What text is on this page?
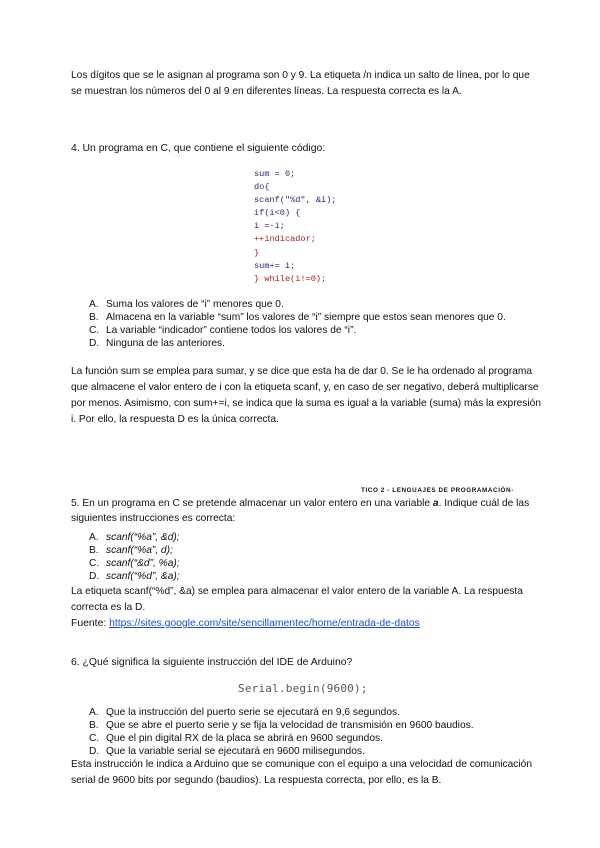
Los dígitos que se le asignan al programa son 0 y 9. La etiqueta /n indica un salto de línea, por lo que se muestran los números del 0 al 9 en diferentes líneas. La respuesta correcta es la A.

4. Un programa en C, que contiene el siguiente código:

sum = 0;
do{
scanf("%d", &i);
if(i<0) {
i =-i;
++indicador;
}
sum+= i;
} while(i!=0);
A. Suma los valores de “i” menores que 0.
B. Almacena en la variable “sum” los valores de “i” siempre que estos sean menores que 0.
C. La variable “indicador” contiene todos los valores de “i”.
D. Ninguna de las anteriores.

La función sum se emplea para sumar, y se dice que esta ha de dar 0. Se le ha ordenado al programa que almacene el valor entero de i con la etiqueta scanf, y, en caso de ser negativo, deberá multiplicarse por menos. Asimismo, con sum+=i, se indica que la suma es igual a la variable (suma) más la expresión i. Por ello, la respuesta D es la única correcta.

TICO 2 - LENGUAJES DE PROGRAMACIÓN-

5. En un programa en C se pretende almacenar un valor entero en una variable a. Indique cuál de las siguientes instrucciones es correcta:

A. scanf(“%a”, &d);
B. scanf(“%a”, d);
C. scanf(“&d”, %a);
D. scanf(“%d”, &a);

La etiqueta scanf(“%d”, &a) se emplea para almacenar el valor entero de la variable A. La respuesta correcta es la D.

Fuente: https://sites.google.com/site/sencillamentec/home/entrada-de-datos

6. ¿Qué significa la siguiente instrucción del IDE de Arduino?

Serial.begin(9600);
A. Que la instrucción del puerto serie se ejecutará en 9,6 segundos.
B. Que se abre el puerto serie y se fija la velocidad de transmisión en 9600 baudios.
C. Que el pin digital RX de la placa se abrirá en 9600 segundos.
D. Que la variable serial se ejecutará en 9600 milisegundos.

Esta instrucción le indica a Arduino que se comunique con el equipo a una velocidad de comunicación serial de 9600 bits por segundo (baudios). La respuesta correcta, por ello, es la B.
